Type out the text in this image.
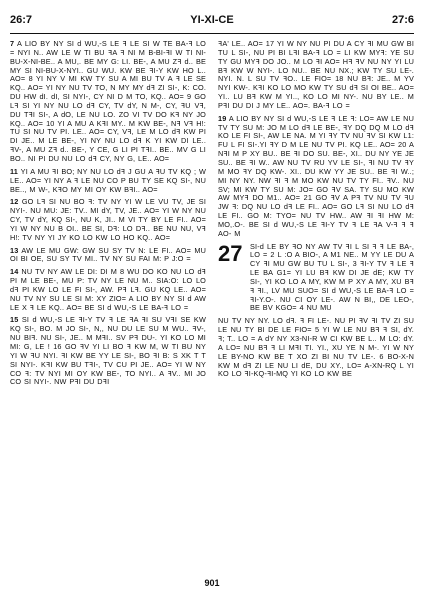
26:7	YI-XI-CE	27:6

7 A LIO BY NY SI d WU,-S LE ꟻ LE SI W TE BA-ꟻ LO = NYI N.. AW LE W TI BU ꟻA ꟻ NI M B-BI-ꟻI W TI NI-BU-X-NI-BE.. A MU,. BE MY G: LI. BE-, A MU Zꟻ d.. BE MY SI NI-BU-X-NYI.. GU WU. KW BE ꟻI-Y KW HO L.. AO= 8 YI NY V MI KW TY SU A MI BU TV A ꟻ LE SE KQ.. AO= YI NY NU TV TO, N MY MY dꟻ ZI SI-, K: CO. DU HW dI. dI, SI NYI-, CY NI D M TO, KQ.. AO= 9 GO Lꟻ SI YI NY NU LO dꟻ CY, TV dY, N M-, CY, ꟻU Vꟻ, DU TꟻI SI-, A dO, LE NU LO. ZO VI TV DO Kꟻ NY JO KQ.. AO= 10 YI A MU A KꟻI MY.. M KW BE-, Nꟻ Vꟻ H!: TU SI NU TV PI. LE.. AO= CY, Vꟻ, LE M LO dꟻ KW PI DI JE.. M LE BE-, YI NY NU LO dꟻ K YI KW DI LE.. ꟻV-, A MU Zꟻ d.. BE-, Y CE, G LI PI TꟻI.. BE.. MV G LI BO.. NI PI DU NU LO dꟻ CY, NY G, LE.. AO=

11 YI A MU ꟻI BO; NY NU LO dꟻ J GU A ꟻU TV KQ ; W LE.. AO= YI NY A ꟻ LE NU CO P BU TY SE KQ SI-, NU BE.., M W-, KꟻO MY MI OY KW BꟻI.. AO=

12 GO Lꟻ SI NU BO ꟻ: TV NY YI W LE VU TV, JE SI NYI-. NU MU: JE: TV.. MI dY, TV, JE.. AO= YI W NY NU CY, TV dY, KQ SI-, NU K, JI.. M VI TY BY LE FI.. AO= YI W NY NU B OI.. BE SI, Dꟻ: LO Dꟻ.. BE NU NU, Vꟻ H!: TV NY YI JY KO LO KW LO HO KQ.. AO=

13 AW LE MU GW: GW SU SY TV N: LE FI.. AO= MU OI BI OE, SU SY TV MI.. TV NY SU FAI M: P J:O =

14 NU TV NY AW LE DI: DI M 8 WU DO KO NU LO dꟻ PI M LE BE-, MU P: TV NY LE NU M.. SIA:O: LO LO dꟻ PI KW LO LE FI SI-, AW. Pꟻ Lꟻ. GU KQ LE.. AO= NU TV NY SU LE SI M: XY ZIO= A LIO BY NY SI d AW LE X ꟻ LE KQ.. AO= BE SI d WU,-S LE BA-ꟻ LO =

15 SI d WU,-S LE ꟻI-Y TV ꟻ LE ꟻA ꟻI SU VꟻI SE KW KQ SI-, BO. M JO SI-, N,, NU DU LE SU M WU.. ꟻV-, NU BIꟻ. NU SI-, JE.. M MꟻI.. SV Pꟻ DU-. YI KO LO MI MI: G, LE ! 16 GO ꟻV YI LI BO ꟻ KW M, W TI BU NY YI W ꟻU NYI. ꟻI KW BE YY LE SI-, BO ꟻI B: S XK T T SI NYI-. KꟻI KW BU TꟻI-, TV CU PI JE.. AO= YI W NY CO ꟻ: TV NYI MI OY KW BE-, TO NYI.. A ꟻV.. MI JO CO SI NYI-. NW PꟻI DU DꟻI

ꟻA' LE.. AO= 17 YI W NY NU PI DU A CY ꟻI MU GW BI TU L SI-, NU PI BI LꟻI BA-ꟻ LO = LI KW MYꟻ: YE SU TY GU MYꟻ DO JO.. M LO ꟻI AO= Hꟻ ꟻV NU NY YI LU Bꟻ KW W NYI-. LO NU.. BE NU NX.; KW TY SU LE-. NYI. N. L SU TV ꟻO.. LE FIO= 18 NU Bꟻ: JE.. M YV NYI KW-. KꟻI KO LO MO KW TY SU dꟻ SI OI BE.. AO= YI.. LU Bꟻ KW M YI.., KO LO MI NY-. NU BY LE.. M PꟻI DU DI J MY LE.. AO=. BA-ꟻ LO =

19 A LIO BY NY SI d WU,-S LE ꟻ LE ꟻ: LO= AW LE NU TV TY SU M: JO M LO dꟻ LE BE-, ꟻY DQ DQ M LO dꟻ KO LE FI SI-, AW LE NA. M YI ꟻY TV NU ꟻV SI KW L1: FU L FI SI-.YI ꟻY D M LE NU TV PI. KQ LE.. AO= 20 A NꟻI M P XY BU.. BE ꟻI DO SU. BE-, XI.. DU NY YE JE SU.. BE ꟻI W.. AW NU TV RU YV LE SI-, ꟻI NU TV ꟻY M MO ꟻY DQ KW-. XI.. DU KW YY JE SU.. BE ꟻI W..; MI NY NY. NW ꟻI ꟻ M MO KW NU TV TY FI.. ꟻV.. NU SV; MI KW TY SU M: JO= GO ꟻV SA. TY SU MO KW AW MYꟻ DO M1.. AO= 21 GO ꟻV A Pꟻ TV NU TV ꟻU JW ꟻ: DQ NU LO dꟻ LE FI.. AO= GO Lꟻ SI NU LO dꟻ LE FI.. GO M: TYO= NU TV HW.. AW ꟻI ꟻI HW M: MO,.O-. BE SI d WU,-S LE ꟻI-Y TV ꟻ LE ꟻA V-ꟻ ꟻ ꟻ AO- M

27	SI-d LE BY ꟻO NY AW TV ꟻI L SI ꟻ ꟻ LE BA-, LO = 2 L :O A BIO-, A M1 NE.. M YY LE DU A CY ꟻI MU GW BU TU L SI-, 3 ꟻI-Y TV ꟻ LE ꟻ LE BA G1= YI LU Bꟻ KW DI JE dE; KW TY SI-, YI KO LO A MY, KW M P XY A MY, XU Bꟻ ꟻ ꟻI., LV MU SUO= SI d WU,-S LE BA-ꟻ LO = ꟻI-Y.O-. NU CI OY LE-. AW N BI,, DE LEO-, BE BV KGO= 4 NU MU

NU TV NY NY. LO dꟻ. ꟻ FI LE-. NU PI ꟻV ꟻI TV ZI SU LE NU TY BI DE LE FIO= 5 YI W LE NU Bꟻ ꟻ SI, dY. ꟻ; T.. LO = A dY NY X3-NI-R W CI KW BE L.. M LO: dY. A LO= NU Bꟻ ꟻ LI MꟻI TI. YI., XU YE N M-. YI W NY LE BY-NO KW BE T XO ZI BI NU TV LE-. 6 BO-X-N KW M dꟻ ZI LE NU LI dE, DU XY., LO= A-XN-RQ L YI KO LO ꟻI-KQ-ꟻI-MQ YI KO LO KW BE

901
